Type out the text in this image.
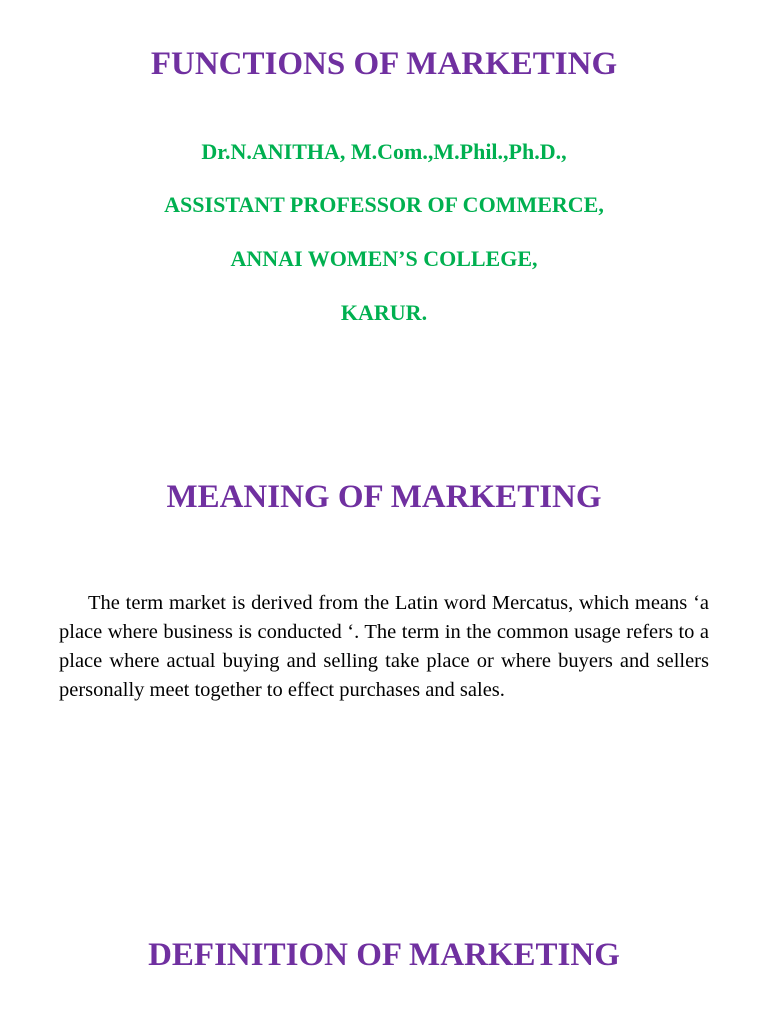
FUNCTIONS OF MARKETING

Dr.N.ANITHA, M.Com.,M.Phil.,Ph.D.,

ASSISTANT PROFESSOR OF COMMERCE,

ANNAI WOMEN’S COLLEGE,

KARUR.

MEANING OF MARKETING

The term market is derived from the Latin word Mercatus, which means ‘a place where business is conducted ‘. The term in the common usage refers to a place where actual buying and selling take place or where buyers and sellers personally meet together to effect purchases and sales.

DEFINITION OF MARKETING
